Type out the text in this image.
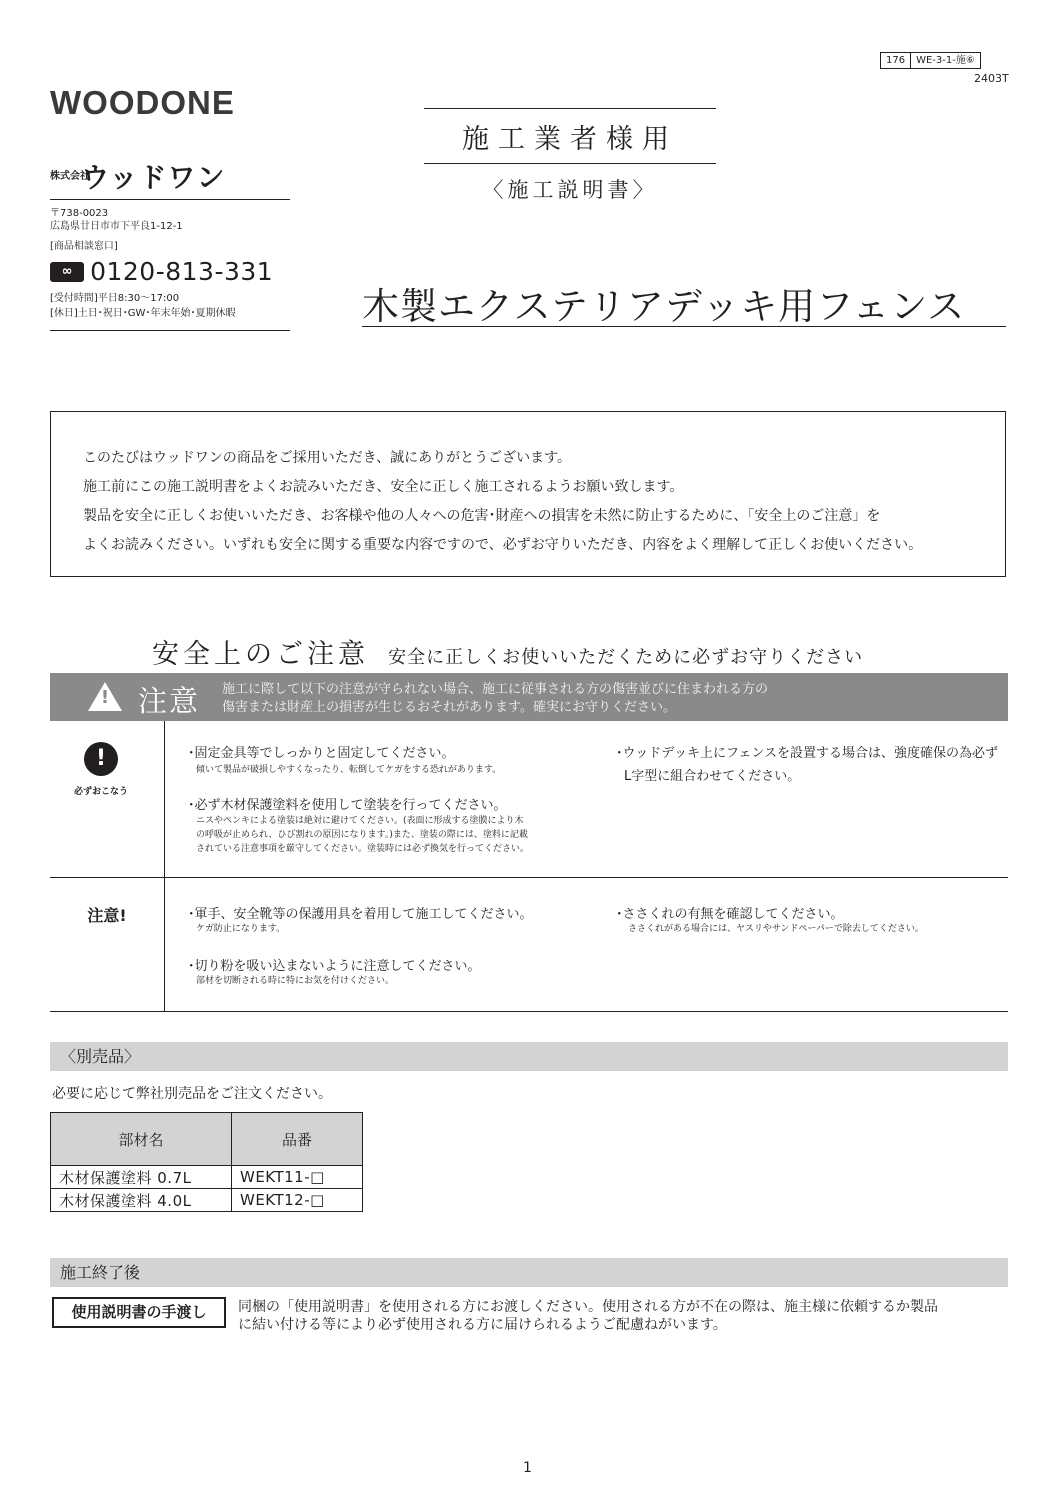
WOODONE
株式会社 ウッドワン
〒738-0023
広島県廿日市市下平良1-12-1
[商品相談窓口]
∞ 0120-813-331
[受付時間]平日8:30～17:00
[休日]土日･祝日･GW･年末年始･夏期休暇
176	WE-3-1-施⑥
2403T
施工業者様用
〈施工説明書〉
木製エクステリアデッキ用フェンス

このたびはウッドワンの商品をご採用いただき、誠にありがとうございます。

施工前にこの施工説明書をよくお読みいただき、安全に正しく施工されるようお願い致します。

製品を安全に正しくお使いいただき、お客様や他の人々への危害･財産への損害を未然に防止するために、「安全上のご注意」を

よくお読みください。いずれも安全に関する重要な内容ですので、必ずお守りいただき、内容をよく理解して正しくお使いください。

安全上のご注意 安全に正しくお使いいただくために必ずお守りください
! 注意 施工に際して以下の注意が守られない場合、施工に従事される方の傷害並びに住まわれる方の
傷害または財産上の損害が生じるおそれがあります。確実にお守りください。
!
必ずおこなう
･固定金具等でしっかりと固定してください。
傾いて製品が破損しやすくなったり、転倒してケガをする恐れがあります。
･必ず木材保護塗料を使用して塗装を行ってください。
ニスやペンキによる塗装は絶対に避けてください。(表面に形成する塗膜により木
の呼吸が止められ、ひび割れの原因になります。)また、塗装の際には、塗料に記載
されている注意事項を厳守してください。塗装時には必ず換気を行ってください。
･ウッドデッキ上にフェンスを設置する場合は、強度確保の為必ず
L字型に組合わせてください。
注意!	･軍手、安全靴等の保護用具を着用して施工してください。
ケガ防止になります。
･切り粉を吸い込まないように注意してください。
部材を切断される時に特にお気を付けください。
･ささくれの有無を確認してください。
ささくれがある場合には、ヤスリやサンドペーパーで除去してください。
〈別売品〉
必要に応じて弊社別売品をご注文ください。
部材名	品番
木材保護塗料 0.7L	WEKT11-□
木材保護塗料 4.0L	WEKT12-□
施工終了後
使用説明書の手渡し	同梱の「使用説明書」を使用される方にお渡しください。使用される方が不在の際は、施主様に依頼するか製品
に結い付ける等により必ず使用される方に届けられるようご配慮ねがいます。
1
